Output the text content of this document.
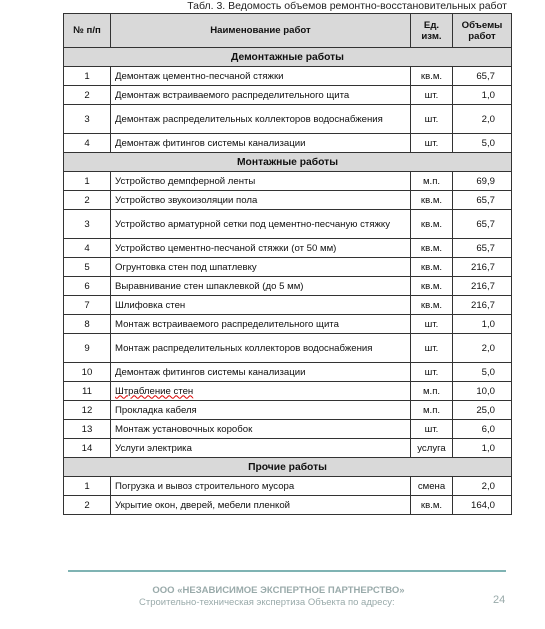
Табл. 3. Ведомость объемов ремонтно-восстановительных работ
№ п/п	Наименование работ	Ед. изм.	Объемы работ
Демонтажные работы			
1	Демонтаж цементно-песчаной стяжки	кв.м.	65,7
2	Демонтаж встраиваемого распределительного щита	шт.	1,0
3	Демонтаж распределительных коллекторов водоснабжения	шт.	2,0
4	Демонтаж фитингов системы канализации	шт.	5,0
Монтажные работы			
1	Устройство демпферной ленты	м.п.	69,9
2	Устройство звукоизоляции пола	кв.м.	65,7
3	Устройство арматурной сетки под цементно-песчаную стяжку	кв.м.	65,7
4	Устройство цементно-песчаной стяжки (от 50 мм)	кв.м.	65,7
5	Огрунтовка стен под шпатлевку	кв.м.	216,7
6	Выравнивание стен шпаклевкой (до 5 мм)	кв.м.	216,7
7	Шлифовка стен	кв.м.	216,7
8	Монтаж встраиваемого распределительного щита	шт.	1,0
9	Монтаж распределительных коллекторов водоснабжения	шт.	2,0
10	Демонтаж фитингов системы канализации	шт.	5,0
11	Штрабление стен	м.п.	10,0
12	Прокладка кабеля	м.п.	25,0
13	Монтаж установочных коробок	шт.	6,0
14	Услуги электрика	услуга	1,0
Прочие работы			
1	Погрузка и вывоз строительного мусора	смена	2,0
2	Укрытие окон, дверей, мебели пленкой	кв.м.	164,0
ООО «НЕЗАВИСИМОЕ ЭКСПЕРТНОЕ ПАРТНЕРСТВО»
Строительно-техническая экспертиза Объекта по адресу:	24
